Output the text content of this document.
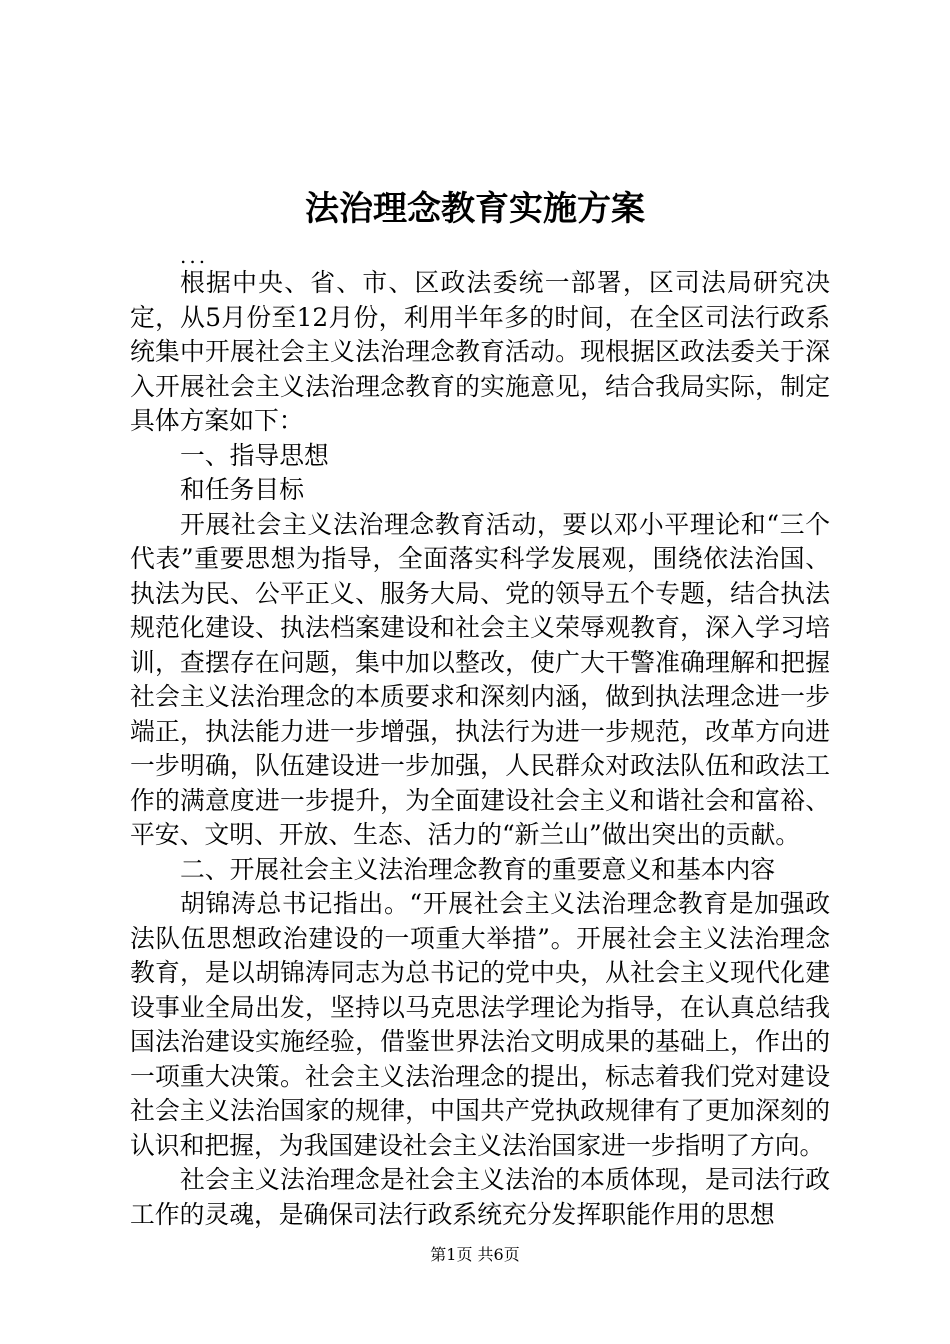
法治理念教育实施方案
...

根据中央、省、市、区政法委统一部署，区司法局研究决定，从5月份至12月份，利用半年多的时间，在全区司法行政系统集中开展社会主义法治理念教育活动。现根据区政法委关于深入开展社会主义法治理念教育的实施意见，结合我局实际，制定具体方案如下：

一、指导思想

和任务目标

开展社会主义法治理念教育活动，要以邓小平理论和“三个代表”重要思想为指导，全面落实科学发展观，围绕依法治国、执法为民、公平正义、服务大局、党的领导五个专题，结合执法规范化建设、执法档案建设和社会主义荣辱观教育，深入学习培训，查摆存在问题，集中加以整改，使广大干警准确理解和把握社会主义法治理念的本质要求和深刻内涵，做到执法理念进一步端正，执法能力进一步增强，执法行为进一步规范，改革方向进一步明确，队伍建设进一步加强，人民群众对政法队伍和政法工作的满意度进一步提升，为全面建设社会主义和谐社会和富裕、平安、文明、开放、生态、活力的“新兰山”做出突出的贡献。

二、开展社会主义法治理念教育的重要意义和基本内容

胡锦涛总书记指出。“开展社会主义法治理念教育是加强政法队伍思想政治建设的一项重大举措”。开展社会主义法治理念教育，是以胡锦涛同志为总书记的党中央，从社会主义现代化建设事业全局出发，坚持以马克思法学理论为指导，在认真总结我国法治建设实施经验，借鉴世界法治文明成果的基础上，作出的一项重大决策。社会主义法治理念的提出，标志着我们党对建设社会主义法治国家的规律，中国共产党执政规律有了更加深刻的认识和把握，为我国建设社会主义法治国家进一步指明了方向。

社会主义法治理念是社会主义法治的本质体现，是司法行政工作的灵魂，是确保司法行政系统充分发挥职能作用的思想

第1页 共6页
